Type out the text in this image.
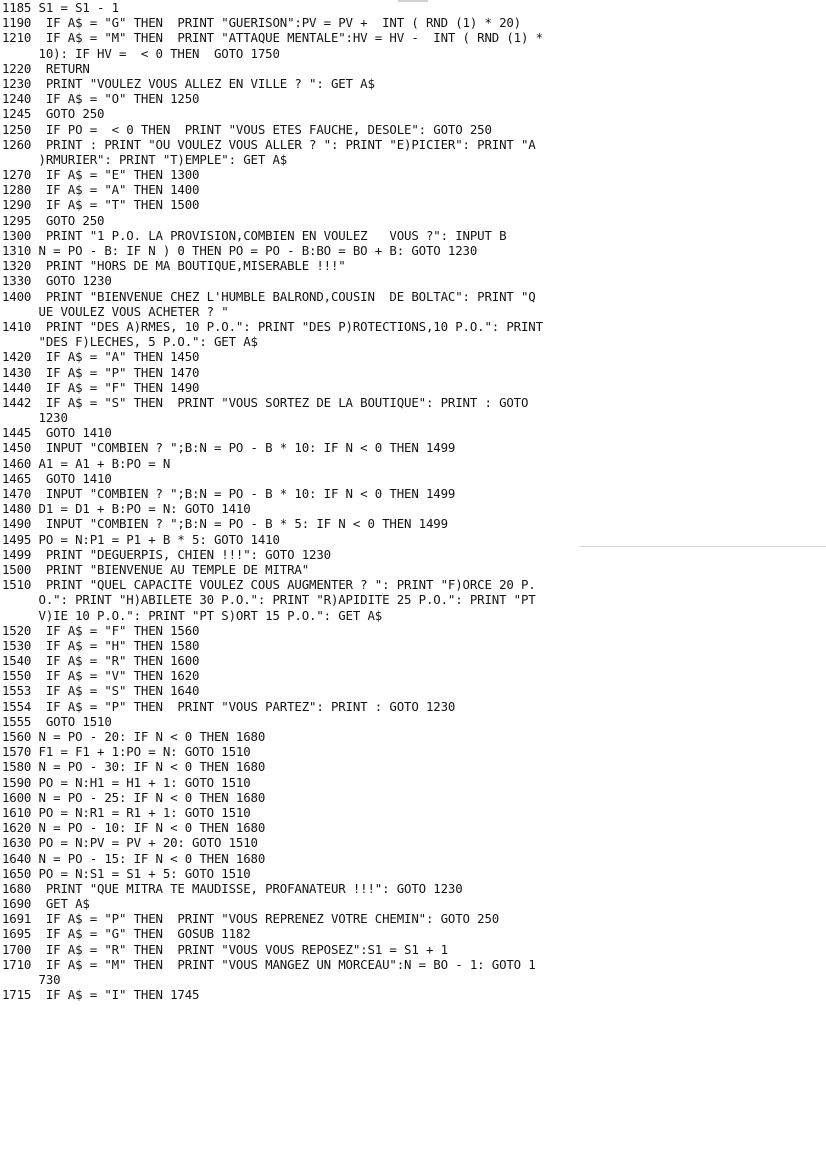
1185 S1 = S1 - 1
1190  IF A$ = "G" THEN  PRINT "GUERISON":PV = PV +  INT ( RND (1) * 20)
1210  IF A$ = "M" THEN  PRINT "ATTAQUE MENTALE":HV = HV -  INT ( RND (1) *
10): IF HV =  < 0 THEN  GOTO 1750
1220  RETURN
1230  PRINT "VOULEZ VOUS ALLEZ EN VILLE ? ": GET A$
1240  IF A$ = "O" THEN 1250
1245  GOTO 250
1250  IF PO =  < 0 THEN  PRINT "VOUS ETES FAUCHE, DESOLE": GOTO 250
1260  PRINT : PRINT "OU VOULEZ VOUS ALLER ? ": PRINT "E)PICIER": PRINT "A
)RMURIER": PRINT "T)EMPLE": GET A$
1270  IF A$ = "E" THEN 1300
1280  IF A$ = "A" THEN 1400
1290  IF A$ = "T" THEN 1500
1295  GOTO 250
1300  PRINT "1 P.O. LA PROVISION,COMBIEN EN VOULEZ   VOUS ?": INPUT B
1310 N = PO - B: IF N ) 0 THEN PO = PO - B:BO = BO + B: GOTO 1230
1320  PRINT "HORS DE MA BOUTIQUE,MISERABLE !!!"
1330  GOTO 1230
1400  PRINT "BIENVENUE CHEZ L'HUMBLE BALROND,COUSIN  DE BOLTAC": PRINT "Q
UE VOULEZ VOUS ACHETER ? "
1410  PRINT "DES A)RMES, 10 P.O.": PRINT "DES P)ROTECTIONS,10 P.O.": PRINT
"DES F)LECHES, 5 P.O.": GET A$
1420  IF A$ = "A" THEN 1450
1430  IF A$ = "P" THEN 1470
1440  IF A$ = "F" THEN 1490
1442  IF A$ = "S" THEN  PRINT "VOUS SORTEZ DE LA BOUTIQUE": PRINT : GOTO
1230
1445  GOTO 1410
1450  INPUT "COMBIEN ? ";B:N = PO - B * 10: IF N < 0 THEN 1499
1460 A1 = A1 + B:PO = N
1465  GOTO 1410
1470  INPUT "COMBIEN ? ";B:N = PO - B * 10: IF N < 0 THEN 1499
1480 D1 = D1 + B:PO = N: GOTO 1410
1490  INPUT "COMBIEN ? ";B:N = PO - B * 5: IF N < 0 THEN 1499
1495 PO = N:P1 = P1 + B * 5: GOTO 1410
1499  PRINT "DEGUERPIS, CHIEN !!!": GOTO 1230
1500  PRINT "BIENVENUE AU TEMPLE DE MITRA"
1510  PRINT "QUEL CAPACITE VOULEZ COUS AUGMENTER ? ": PRINT "F)ORCE 20 P.
O.": PRINT "H)ABILETE 30 P.O.": PRINT "R)APIDITE 25 P.O.": PRINT "PT
V)IE 10 P.O.": PRINT "PT S)ORT 15 P.O.": GET A$
1520  IF A$ = "F" THEN 1560
1530  IF A$ = "H" THEN 1580
1540  IF A$ = "R" THEN 1600
1550  IF A$ = "V" THEN 1620
1553  IF A$ = "S" THEN 1640
1554  IF A$ = "P" THEN  PRINT "VOUS PARTEZ": PRINT : GOTO 1230
1555  GOTO 1510
1560 N = PO - 20: IF N < 0 THEN 1680
1570 F1 = F1 + 1:PO = N: GOTO 1510
1580 N = PO - 30: IF N < 0 THEN 1680
1590 PO = N:H1 = H1 + 1: GOTO 1510
1600 N = PO - 25: IF N < 0 THEN 1680
1610 PO = N:R1 = R1 + 1: GOTO 1510
1620 N = PO - 10: IF N < 0 THEN 1680
1630 PO = N:PV = PV + 20: GOTO 1510
1640 N = PO - 15: IF N < 0 THEN 1680
1650 PO = N:S1 = S1 + 5: GOTO 1510
1680  PRINT "QUE MITRA TE MAUDISSE, PROFANATEUR !!!": GOTO 1230
1690  GET A$
1691  IF A$ = "P" THEN  PRINT "VOUS REPRENEZ VOTRE CHEMIN": GOTO 250
1695  IF A$ = "G" THEN  GOSUB 1182
1700  IF A$ = "R" THEN  PRINT "VOUS VOUS REPOSEZ":S1 = S1 + 1
1710  IF A$ = "M" THEN  PRINT "VOUS MANGEZ UN MORCEAU":N = BO - 1: GOTO 1
730
1715  IF A$ = "I" THEN 1745
